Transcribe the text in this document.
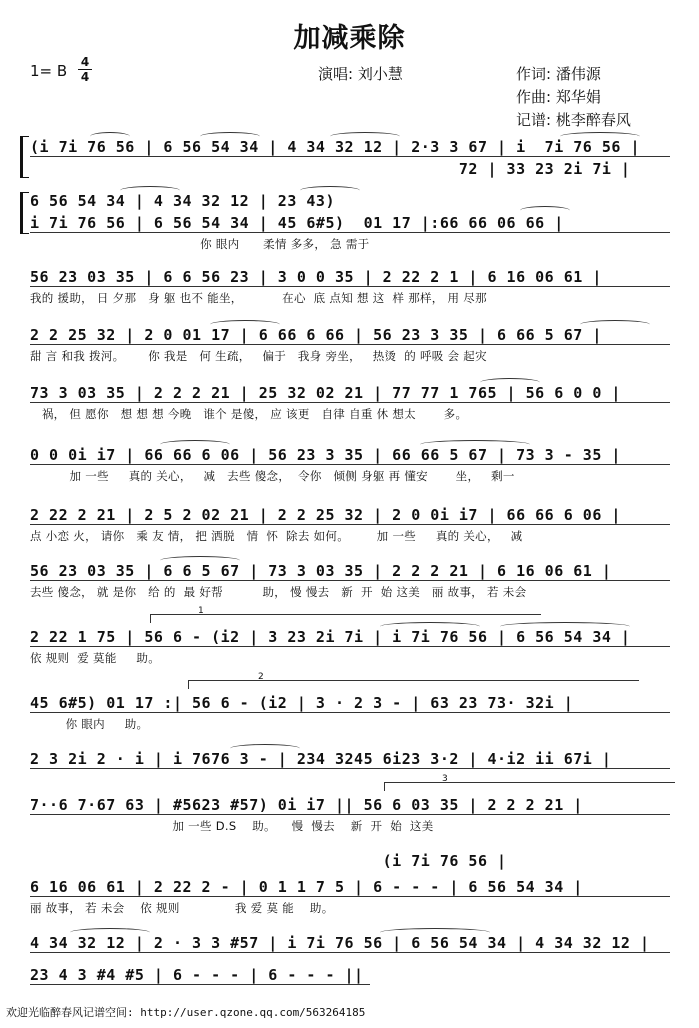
加减乘除
1= B 4
4	演唱: 刘小慧	作词: 潘伟源
作曲: 郑华娟
记谱: 桃李醉春风
(i 7i 76 56 | 6 56 54 34 | 4 34 32 12 | 2·3 3 67 | i  7i 76 56 |
72 | 33 23 2i 7i |
6 56 54 34 | 4 34 32 12 | 23 43)
i 7i 76 56 | 6 56 54 34 | 45 6#5)  01 17 |:66 66 06 66 |
你 眼内      柔情 多多， 急 需于
56 23 03 35 | 6 6 56 23 | 3 0 0 35 | 2 22 2 1 | 6 16 06 61 |
我的 援助， 日 夕那   身 躯 也不 能坐，          在心  底 点知 想 这  样 那样， 用 尽那
2 2 25 32 | 2 0 01 17 | 6 66 6 66 | 56 23 3 35 | 6 66 5 67 |
甜 言 和我 拨河。      你 我是   何 生疏，   偏于   我身 旁坐，   热烫  的 呼吸 会 起灾
73 3 03 35 | 2 2 2 21 | 25 32 02 21 | 77 77 1 765 | 56 6 0 0 |
祸， 但 愿你   想 想 想 今晚   谁个 是傻， 应 该更   自律 自重 休 想太       多。
0 0 0i i7 | 66 66 6 06 | 56 23 3 35 | 66 66 5 67 | 73 3 - 35 |
加 一些     真的 关心，   减   去些 傻念，  令你   倾侧 身躯 再 懂安       坐，   剩一
2 22 2 21 | 2 5 2 02 21 | 2 2 25 32 | 2 0 0i i7 | 66 66 6 06 |
点 小恋 火， 请你   乘 友 情， 把 洒脱   情  怀  除去 如何。       加 一些     真的 关心，   减
56 23 03 35 | 6 6 5 67 | 73 3 03 35 | 2 2 2 21 | 6 16 06 61 |
去些 傻念， 就 是你   给 的  最 好帮          助， 慢 慢去   新  开  始 这美   丽 故事， 若 未会
2 22 1 75 | 56 6 - (i2 | 3 23 2i 7i | i 7i 76 56 | 6 56 54 34 |
依 规则  爱 莫能     助。
45 6#5) 01 17 :| 56 6 - (i2 | 3 · 2 3 - | 63 23 73· 32i |
你 眼内     助。
2 3 2i 2 · i | i 7676 3 - | 234 3245 6i23 3·2 | 4·i2 ii 67i |
7··6 7·67 63 | #5623 #57) 0i i7 || 56 6 03 35 | 2 2 2 21 |
加 一些 D.S    助。    慢  慢去    新  开  始  这美
(i 7i 76 56 |
6 16 06 61 | 2 22 2 - | 0 1 1 7 5 | 6 - - - | 6 56 54 34 |
丽 故事， 若 未会    依 规则              我 爱 莫 能    助。
4 34 32 12 | 2 · 3 3 #57 | i 7i 76 56 | 6 56 54 34 | 4 34 32 12 |
23 4 3 #4 #5 | 6 - - - | 6 - - - ||
1
2
3
欢迎光临醉春风记谱空间: http://user.qzone.qq.com/563264185
